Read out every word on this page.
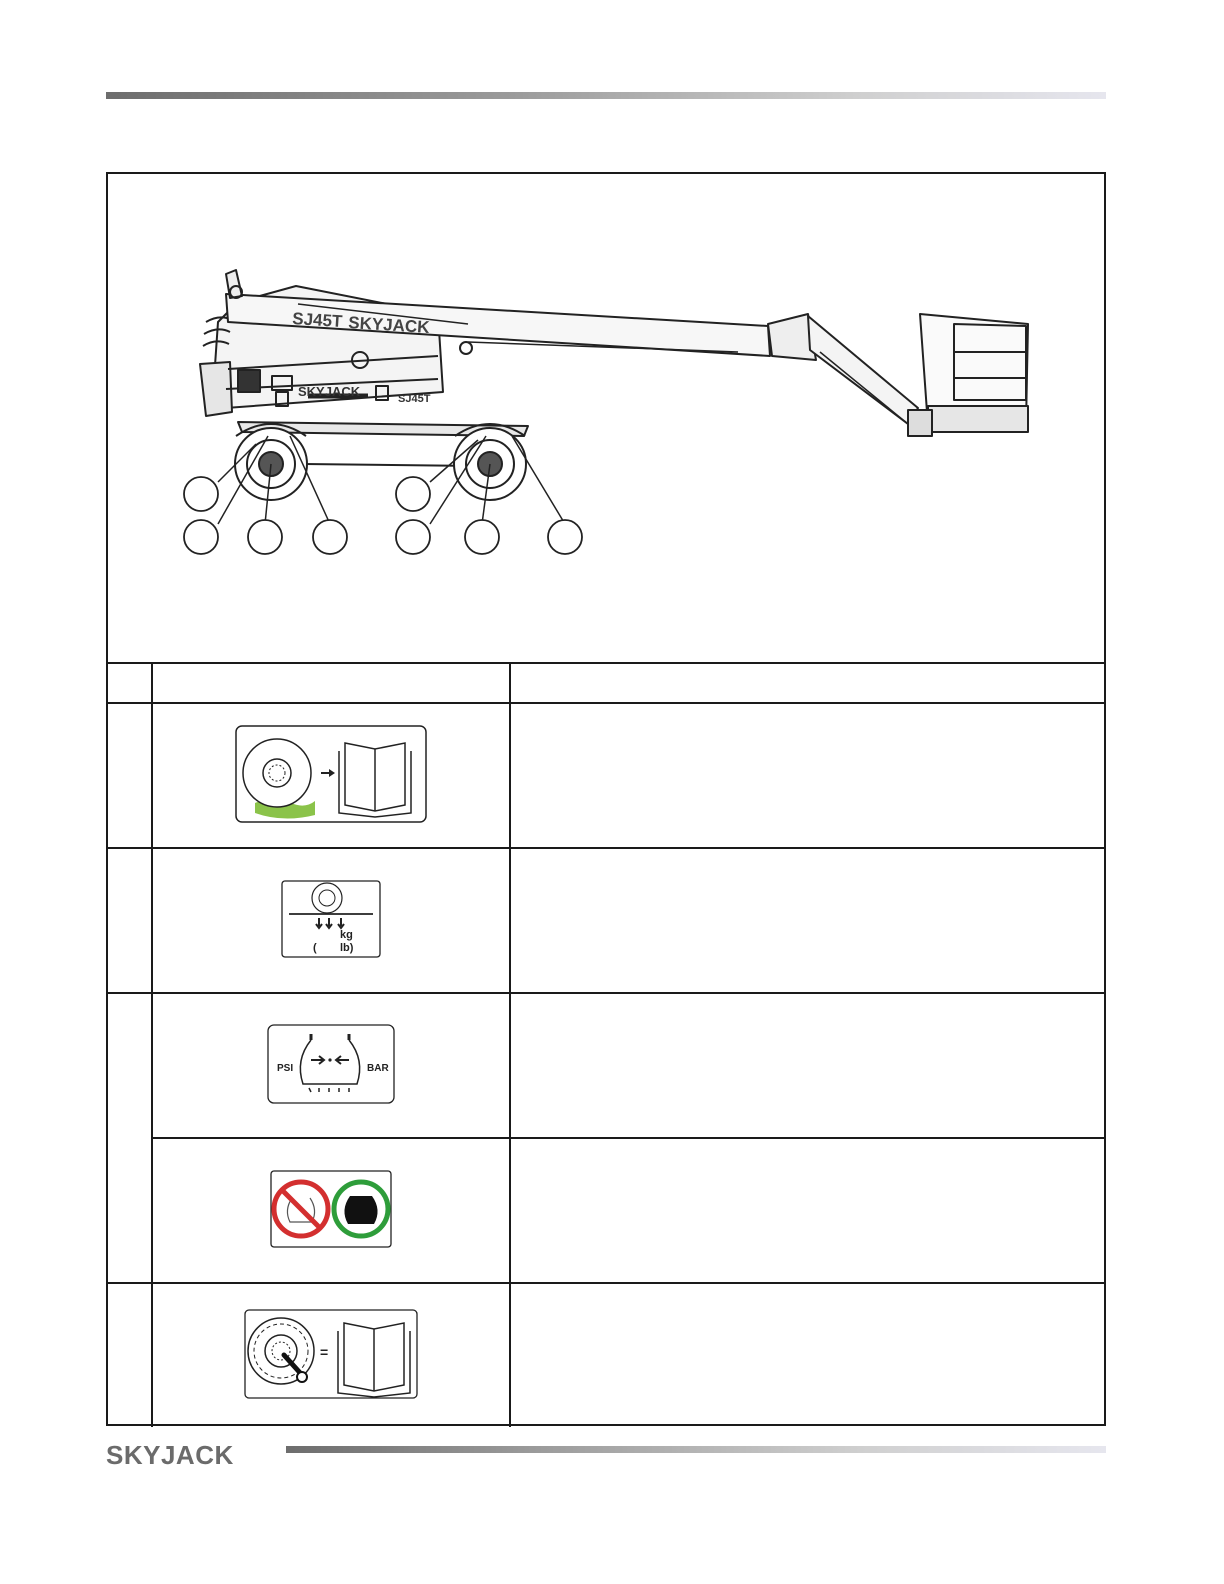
SJ45T SKYJACK
SKYJACK	SJ45T

kg
( lb)	

PSI BAR	

=	

SKYJACK
